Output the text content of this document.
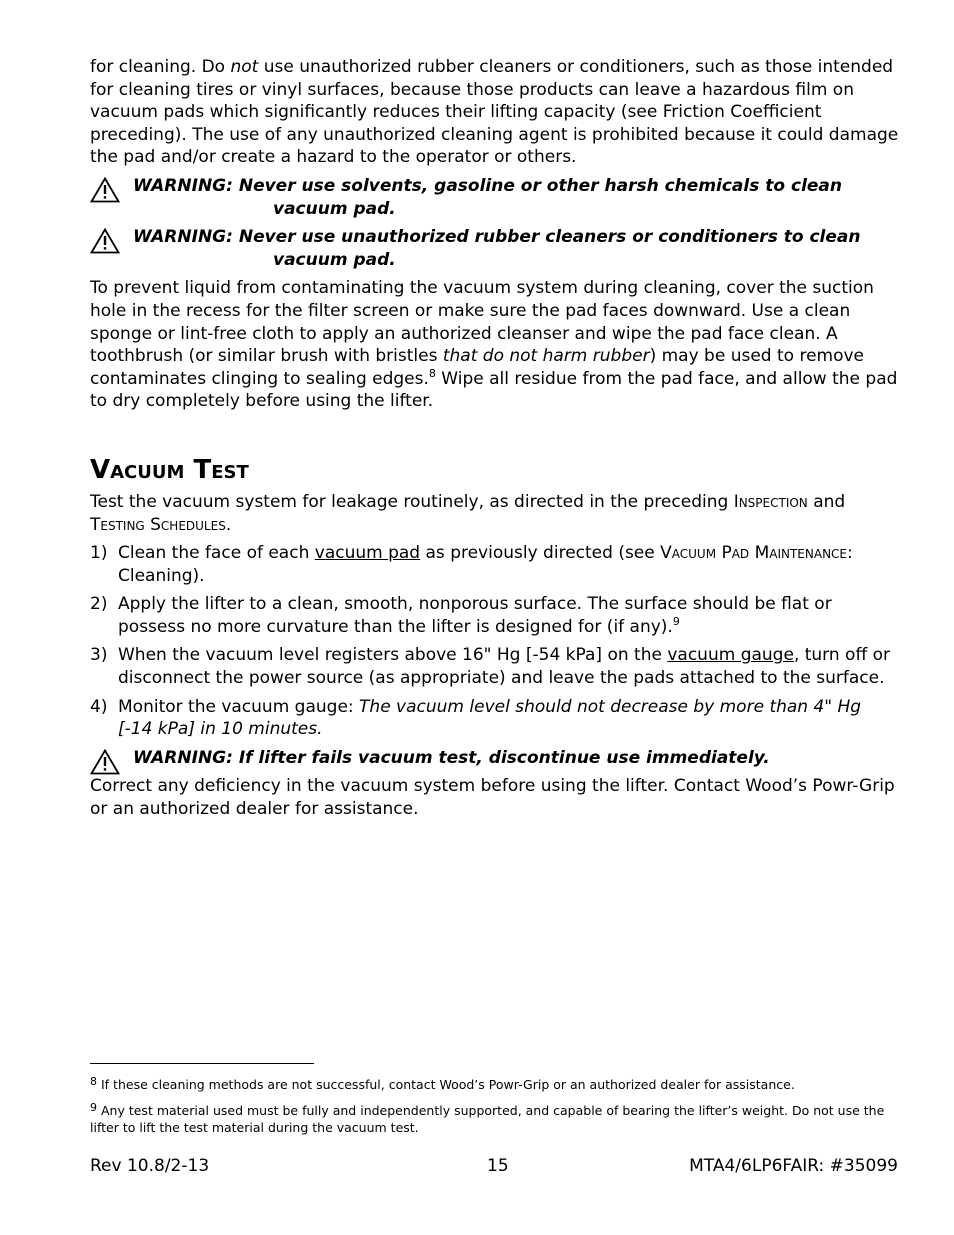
for cleaning. Do not use unauthorized rubber cleaners or conditioners, such as those intended for cleaning tires or vinyl surfaces, because those products can leave a hazardous film on vacuum pads which significantly reduces their lifting capacity (see Friction Coefficient preceding). The use of any unauthorized cleaning agent is prohibited because it could damage the pad and/or create a hazard to the operator or others.

WARNING: Never use solvents, gasoline or other harsh chemicals to clean

vacuum pad.

WARNING: Never use unauthorized rubber cleaners or conditioners to clean

vacuum pad.

To prevent liquid from contaminating the vacuum system during cleaning, cover the suction hole in the recess for the filter screen or make sure the pad faces downward. Use a clean sponge or lint-free cloth to apply an authorized cleanser and wipe the pad face clean. A toothbrush (or similar brush with bristles that do not harm rubber) may be used to remove contaminates clinging to sealing edges.$^8$ Wipe all residue from the pad face, and allow the pad to dry completely before using the lifter.

Vacuum Test

Test the vacuum system for leakage routinely, as directed in the preceding Inspection and Testing Schedules.

1) Clean the face of each vacuum pad as previously directed (see Vacuum Pad Maintenance: Cleaning).
2) Apply the lifter to a clean, smooth, nonporous surface. The surface should be flat or possess no more curvature than the lifter is designed for (if any).$^9$
3) When the vacuum level registers above 16" Hg [-54 kPa] on the vacuum gauge, turn off or disconnect the power source (as appropriate) and leave the pads attached to the surface.
4) Monitor the vacuum gauge: The vacuum level should not decrease by more than 4" Hg [-14 kPa] in 10 minutes.

WARNING: If lifter fails vacuum test, discontinue use immediately.

Correct any deficiency in the vacuum system before using the lifter. Contact Wood’s Powr-Grip or an authorized dealer for assistance.

$^8$ If these cleaning methods are not successful, contact Wood’s Powr-Grip or an authorized dealer for assistance.

$^9$ Any test material used must be fully and independently supported, and capable of bearing the lifter’s weight. Do not use the lifter to lift the test material during the vacuum test.

Rev 10.8/2-13	15	MTA4/6LP6FAIR: #35099
